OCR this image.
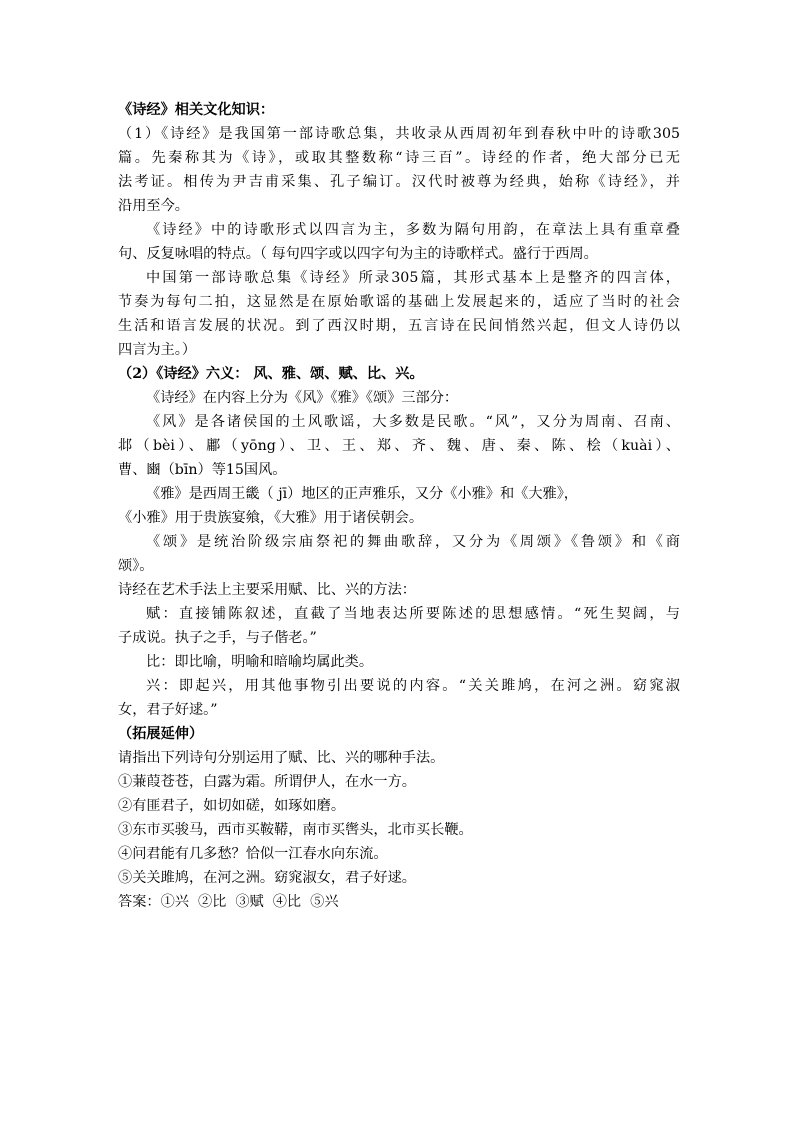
《诗经》相关文化知识：
（1）《诗经》是我国第一部诗歌总集，共收录从西周初年到春秋中叶的诗歌305
篇。先秦称其为《诗》，或取其整数称“诗三百”。诗经的作者，绝大部分已无
法考证。相传为尹吉甫采集、孔子编订。汉代时被尊为经典，始称《诗经》，并
沿用至今。
《诗经》中的诗歌形式以四言为主，多数为隔句用韵，在章法上具有重章叠
句、反复咏唱的特点。（ 每句四字或以四字句为主的诗歌样式。盛行于西周。
中国第一部诗歌总集《诗经》所录305篇，其形式基本上是整齐的四言体，
节奏为每句二拍，这显然是在原始歌谣的基础上发展起来的，适应了当时的社会
生活和语言发展的状况。到了西汉时期，五言诗在民间悄然兴起，但文人诗仍以
四言为主。）
（2）《诗经》六义： 风、雅、颂、赋、比、兴。
《诗经》在内容上分为《风》《雅》《颂》三部分：
《风》是各诸侯国的土风歌谣，大多数是民歌。“风”，又分为周南、召南、
邶（bèi）、鄘（yōng）、卫、王、郑、齐、魏、唐、秦、陈、桧（kuài）、
曹、豳（bīn）等15国风。
《雅》是西周王畿（ jī）地区的正声雅乐，又分《小雅》和《大雅》，
《小雅》用于贵族宴飨，《大雅》用于诸侯朝会。
《颂》是统治阶级宗庙祭祀的舞曲歌辞，又分为《周颂》《鲁颂》和《商
颂》。
诗经在艺术手法上主要采用赋、比、兴的方法：
赋：直接铺陈叙述，直截了当地表达所要陈述的思想感情。“死生契阔，与
子成说。执子之手，与子偕老。”
比：即比喻，明喻和暗喻均属此类。
兴：即起兴，用其他事物引出要说的内容。“关关雎鸠，在河之洲。窈窕淑
女，君子好逑。”
（拓展延伸）
请指出下列诗句分别运用了赋、比、兴的哪种手法。
①蒹葭苍苍，白露为霜。所谓伊人，在水一方。
②有匪君子，如切如磋，如琢如磨。
③东市买骏马，西市买鞍鞯，南市买辔头，北市买长鞭。
④问君能有几多愁？恰似一江春水向东流。
⑤关关雎鸠，在河之洲。窈窕淑女，君子好逑。
答案：①兴  ②比  ③赋  ④比  ⑤兴
